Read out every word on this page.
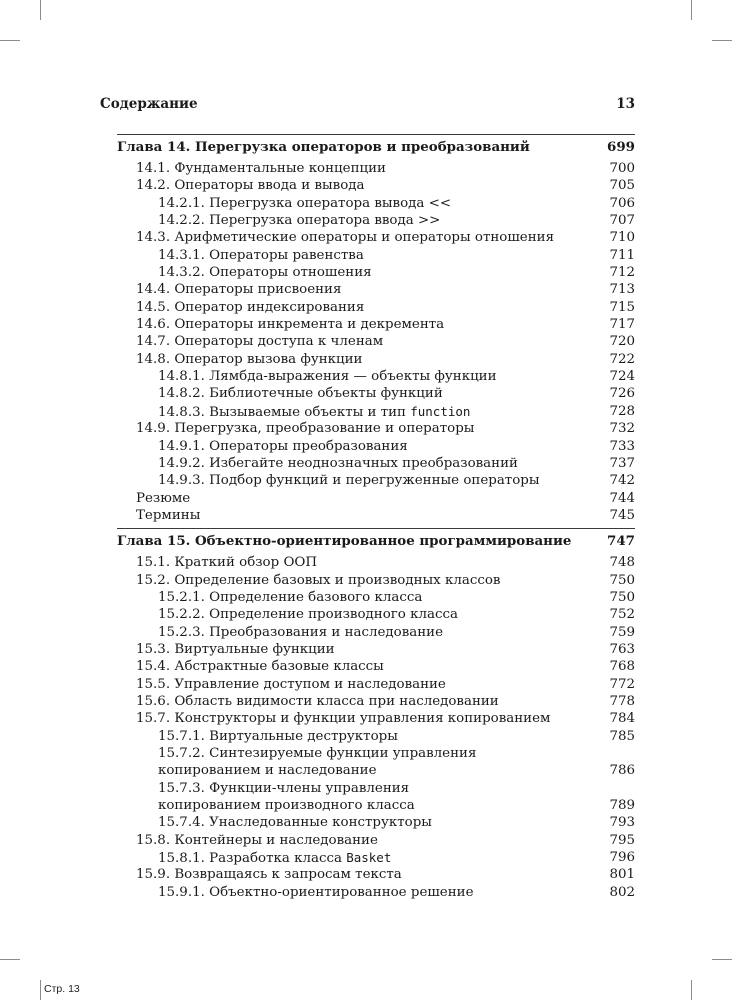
Содержание	13
Глава 14. Перегрузка операторов и преобразований	699
14.1. Фундаментальные концепции	700
14.2. Операторы ввода и вывода	705
14.2.1. Перегрузка оператора вывода <<	706
14.2.2. Перегрузка оператора ввода >>	707
14.3. Арифметические операторы и операторы отношения	710
14.3.1. Операторы равенства	711
14.3.2. Операторы отношения	712
14.4. Операторы присвоения	713
14.5. Оператор индексирования	715
14.6. Операторы инкремента и декремента	717
14.7. Операторы доступа к членам	720
14.8. Оператор вызова функции	722
14.8.1. Лямбда-выражения — объекты функции	724
14.8.2. Библиотечные объекты функций	726
14.8.3. Вызываемые объекты и тип function	728
14.9. Перегрузка, преобразование и операторы	732
14.9.1. Операторы преобразования	733
14.9.2. Избегайте неоднозначных преобразований	737
14.9.3. Подбор функций и перегруженные операторы	742
Резюме	744
Термины	745
Глава 15. Объектно-ориентированное программирование	747
15.1. Краткий обзор ООП	748
15.2. Определение базовых и производных классов	750
15.2.1. Определение базового класса	750
15.2.2. Определение производного класса	752
15.2.3. Преобразования и наследование	759
15.3. Виртуальные функции	763
15.4. Абстрактные базовые классы	768
15.5. Управление доступом и наследование	772
15.6. Область видимости класса при наследовании	778
15.7. Конструкторы и функции управления копированием	784
15.7.1. Виртуальные деструкторы	785
15.7.2. Синтезируемые функции управления копированием и наследование	786
15.7.3. Функции-члены управления копированием производного класса	789
15.7.4. Унаследованные конструкторы	793
15.8. Контейнеры и наследование	795
15.8.1. Разработка класса Basket	796
15.9. Возвращаясь к запросам текста	801
15.9.1. Объектно-ориентированное решение	802
Стр. 13
